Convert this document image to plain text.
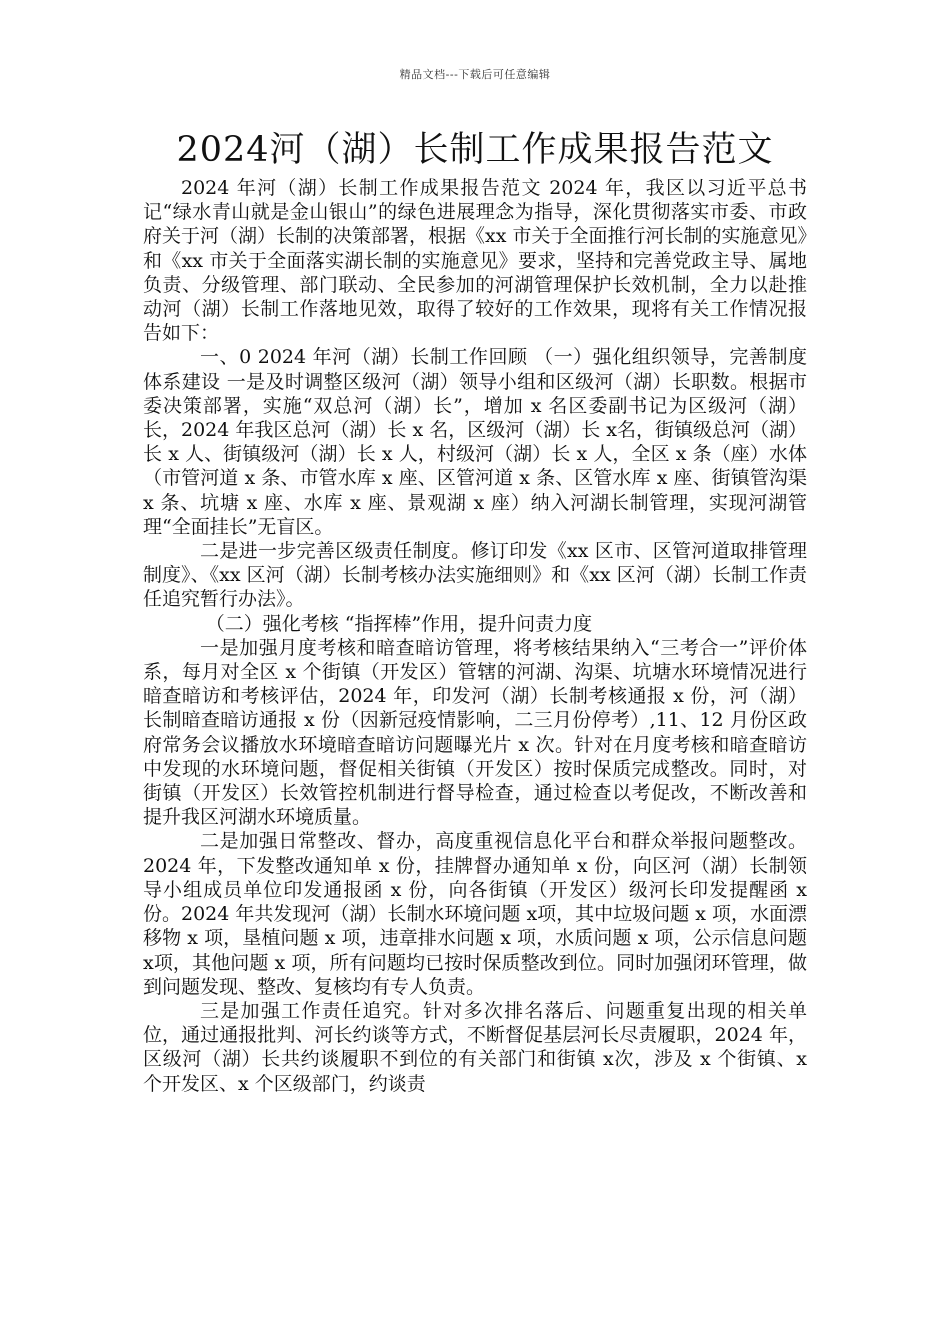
精品文档---下载后可任意编辑
2024河（湖）长制工作成果报告范文

2024 年河（湖）长制工作成果报告范文 2024 年，我区以习近平总书记“绿水青山就是金山银山”的绿色进展理念为指导，深化贯彻落实市委、市政府关于河（湖）长制的决策部署，根据《xx 市关于全面推行河长制的实施意见》和《xx 市关于全面落实湖长制的实施意见》要求，坚持和完善党政主导、属地负责、分级管理、部门联动、全民参加的河湖管理保护长效机制，全力以赴推动河（湖）长制工作落地见效，取得了较好的工作效果，现将有关工作情况报告如下：

一、0 2024 年河（湖）长制工作回顾 （一）强化组织领导，完善制度体系建设 一是及时调整区级河（湖）领导小组和区级河（湖）长职数。根据市委决策部署，实施“双总河（湖）长”，增加 x 名区委副书记为区级河（湖）长，2024 年我区总河（湖）长 x 名，区级河（湖）长 x名，街镇级总河（湖）长 x 人、街镇级河（湖）长 x 人，村级河（湖）长 x 人，全区 x 条（座）水体（市管河道 x 条、市管水库 x 座、区管河道 x 条、区管水库 x 座、街镇管沟渠 x 条、坑塘 x 座、水库 x 座、景观湖 x 座）纳入河湖长制管理，实现河湖管理“全面挂长”无盲区。

二是进一步完善区级责任制度。修订印发《xx 区市、区管河道取排管理制度》、《xx 区河（湖）长制考核办法实施细则》和《xx 区河（湖）长制工作责任追究暂行办法》。

（二）强化考核 “指挥棒”作用，提升问责力度

一是加强月度考核和暗查暗访管理，将考核结果纳入“三考合一”评价体系，每月对全区 x 个街镇（开发区）管辖的河湖、沟渠、坑塘水环境情况进行暗查暗访和考核评估，2024 年，印发河（湖）长制考核通报 x 份，河（湖）长制暗查暗访通报 x 份（因新冠疫情影响，二三月份停考）,11、12 月份区政府常务会议播放水环境暗查暗访问题曝光片 x 次。针对在月度考核和暗查暗访中发现的水环境问题，督促相关街镇（开发区）按时保质完成整改。同时，对街镇（开发区）长效管控机制进行督导检查，通过检查以考促改，不断改善和提升我区河湖水环境质量。

二是加强日常整改、督办，高度重视信息化平台和群众举报问题整改。2024 年，下发整改通知单 x 份，挂牌督办通知单 x 份，向区河（湖）长制领导小组成员单位印发通报函 x 份，向各街镇（开发区）级河长印发提醒函 x 份。2024 年共发现河（湖）长制水环境问题 x项，其中垃圾问题 x 项，水面漂移物 x 项，垦植问题 x 项，违章排水问题 x 项，水质问题 x 项，公示信息问题 x项，其他问题 x 项，所有问题均已按时保质整改到位。同时加强闭环管理，做到问题发现、整改、复核均有专人负责。

三是加强工作责任追究。针对多次排名落后、问题重复出现的相关单位，通过通报批判、河长约谈等方式，不断督促基层河长尽责履职，2024 年，区级河（湖）长共约谈履职不到位的有关部门和街镇 x次，涉及 x 个街镇、x 个开发区、x 个区级部门，约谈责
